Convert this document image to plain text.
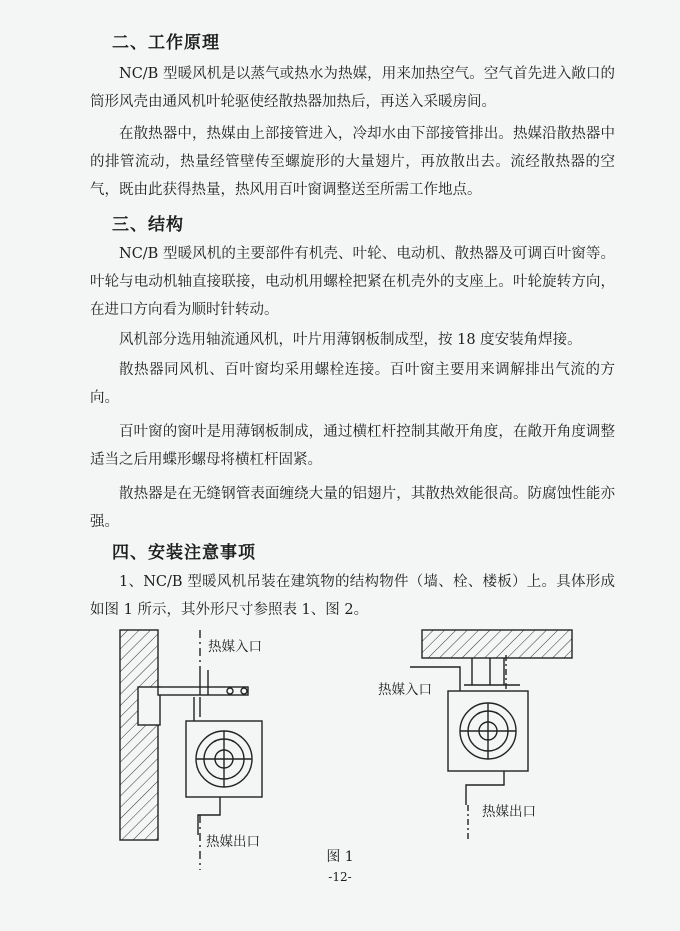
二、工作原理
NC/B 型暖风机是以蒸气或热水为热媒，用来加热空气。空气首先进入敞口的筒形风壳由通风机叶轮驱使经散热器加热后，再送入采暖房间。
在散热器中，热媒由上部接管进入，冷却水由下部接管排出。热媒沿散热器中的排管流动，热量经管壁传至螺旋形的大量翅片，再放散出去。流经散热器的空气，既由此获得热量，热风用百叶窗调整送至所需工作地点。
三、结构
NC/B 型暖风机的主要部件有机壳、叶轮、电动机、散热器及可调百叶窗等。叶轮与电动机轴直接联接，电动机用螺栓把紧在机壳外的支座上。叶轮旋转方向，在进口方向看为顺时针转动。
风机部分选用轴流通风机，叶片用薄钢板制成型，按 18 度安装角焊接。
散热器同风机、百叶窗均采用螺栓连接。百叶窗主要用来调解排出气流的方向。
百叶窗的窗叶是用薄钢板制成，通过横杠杆控制其敞开角度，在敞开角度调整适当之后用蝶形螺母将横杠杆固紧。
散热器是在无缝钢管表面缠绕大量的铝翅片，其散热效能很高。防腐蚀性能亦强。
四、安装注意事项
1、NC/B 型暖风机吊装在建筑物的结构物件（墙、栓、楼板）上。具体形成如图 1 所示，其外形尺寸参照表 1、图 2。
热媒入口
热媒出口
热媒入口
热媒出口
图 1
-12-
